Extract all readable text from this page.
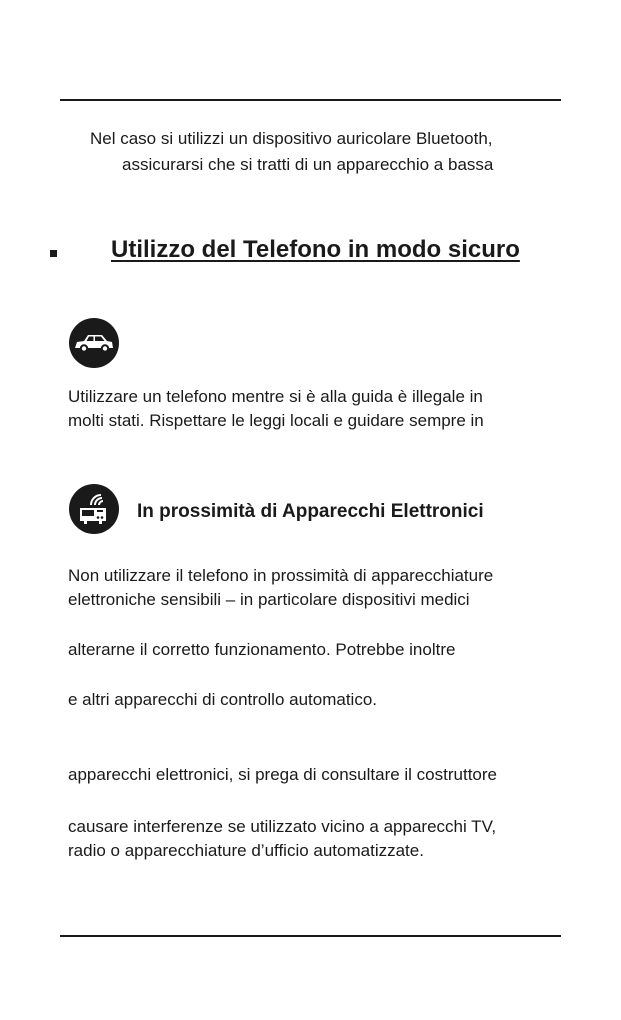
Nel caso si utilizzi un dispositivo auricolare Bluetooth,
assicurarsi che si tratti di un apparecchio a bassa
Utilizzo del Telefono in modo sicuro
Utilizzare un telefono mentre si è alla guida è illegale in
molti stati. Rispettare le leggi locali e guidare sempre in
In prossimità di Apparecchi Elettronici
Non utilizzare il telefono in prossimità di apparecchiature
elettroniche sensibili – in particolare dispositivi medici
alterarne il corretto funzionamento. Potrebbe inoltre
e altri apparecchi di controllo automatico.
apparecchi elettronici, si prega di consultare il costruttore
causare interferenze se utilizzato vicino a apparecchi TV,
radio o apparecchiature d’ufficio automatizzate.
